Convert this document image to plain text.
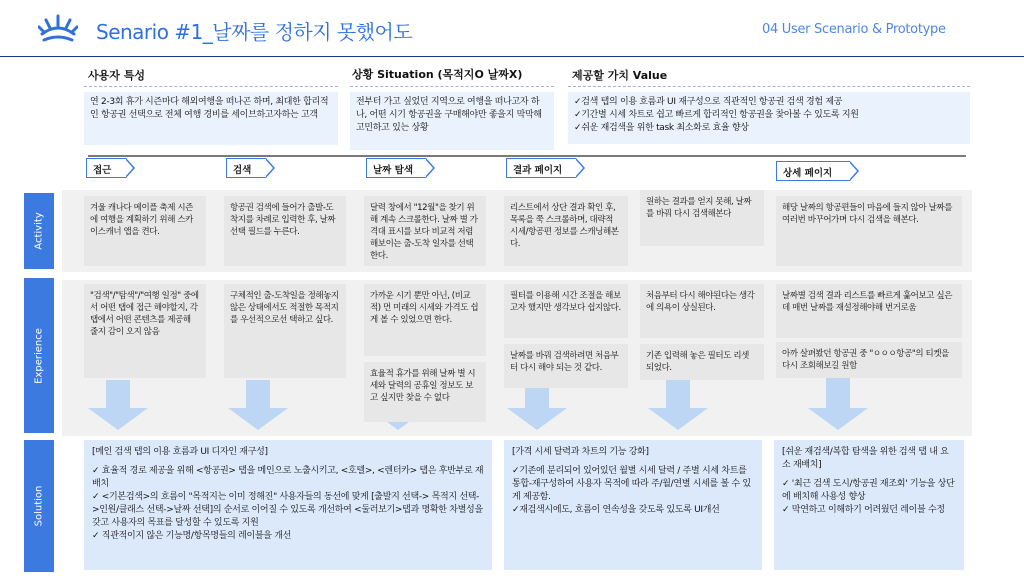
Senario #1_날짜를 정하지 못했어도	04 User Scenario & Prototype
사용자 특성
연 2-3회 휴가 시즌마다 해외여행을 떠나곤 하며, 최대한 합리적인 항공권 선택으로 전체 여행 경비를 세이브하고자하는 고객
상황 Situation (목적지O 날짜X)
전부터 가고 싶었던 지역으로 여행을 떠나고자 하나, 어떤 시기 항공권을 구매해야만 좋을지 막막해 고민하고 있는 상황
제공할 가치 Value
✓검색 탭의 이용 흐름과 UI 재구성으로 직관적인 항공권 검색 경험 제공
✓기간별 시세 차트로 쉽고 빠르게 합리적인 항공권을 찾아볼 수 있도록 지원
✓쉬운 재검색을 위한 task 최소화로 효율 향상
접근	검색	날짜 탐색	결과 페이지	상세 페이지
Activity
Experience
Solution
겨울 캐나다 메이플 축제 시즌에 여행을 계획하기 위해 스카이스캐너 앱을 켠다.
항공권 검색에 들어가 출발-도착지를 차례로 입력한 후, 날짜 선택 필드를 누른다.
달력 창에서 "12월"을 찾기 위해 계속 스크롤한다. 날짜 별 가격대 표시를 보다 비교적 저렴해보이는 출-도착 일자를 선택한다.
리스트에서 상단 결과 확인 후, 목록을 쭉 스크롤하며, 대략적 시세/항공편 정보를 스캐닝해본다.
원하는 결과를 얻지 못해, 날짜를 바꿔 다시 검색해본다
해당 날짜의 항공편들이 마음에 들지 않아 날짜를 여러번 바꾸어가며 다시 검색을 해본다.
"검색"/"탐색"/"여행 일정" 중에서 어떤 탭에 접근 해야할지, 각 탭에서 어떤 콘텐츠를 제공해 줄지 감이 오지 않음
구체적인 출-도착일을 정해놓지 않은 상태에서도 적절한 목적지를 우선적으로선 택하고 싶다.
가까운 시기 뿐만 아닌, (비교적) 먼 미래의 시세와 가격도 쉽게 볼 수 있었으면 한다.
효율적 휴가를 위해 날짜 별 시세와 달력의 공휴일 정보도 보고 싶지만 찾을 수 없다
필터를 이용해 시간 조절을 해보고자 했지만 생각보다 쉽지않다.
날짜를 바꿔 검색하려면 처음부터 다시 해야 되는 것 같다.
처음부터 다시 해야된다는 생각에 의욕이 상실된다.
기존 입력해 놓은 필터도 리셋 되었다.
날짜별 검색 결과 리스트를 빠르게 훑어보고 싶은데 매번 날짜를 재설정해야해 번거로움
아까 살펴봤던 항공권 중 "ㅇㅇㅇ항공"의 티켓을 다시 조회해보길 원함

[메인 검색 탭의 이용 흐름과 UI 디자인 재구성]

✓ 효율적 경로 제공을 위해 <항공권> 탭을 메인으로 노출시키고, <호텔>, <렌터카> 탭은 후반부로 재배치

✓ <기본검색>의 흐름이 "목적지는 이미 정해진" 사용자들의 동선에 맞게 [출발지 선택-> 목적지 선택->인원/클래스 선택->날짜 선택]의 순서로 이어질 수 있도록 개선하여 <둘러보기>탭과 명확한 차별성을 갖고 사용자의 목표를 달성할 수 있도록 지원

✓ 직관적이지 않은 기능명/항목명들의 레이블을 개선

[가격 시세 달력과 차트의 기능 강화]

✓기존에 분리되어 있어있던 월별 시세 달력 / 주별 시세 차트를 통합-재구성하여 사용자 목적에 따라 주/월/연별 시세를 볼 수 있게 제공함.

✓재검색시에도, 흐름이 연속성을 갖도록 있도록 UI개선

[쉬운 재검색/복합 탐색을 위한 검색 탭 내 요소 재배치]

✓ '최근 검색 도시/항공권 재조회' 기능을 상단에 배치해 사용성 향상

✓ 막연하고 이해하기 어려웠던 레이블 수정
